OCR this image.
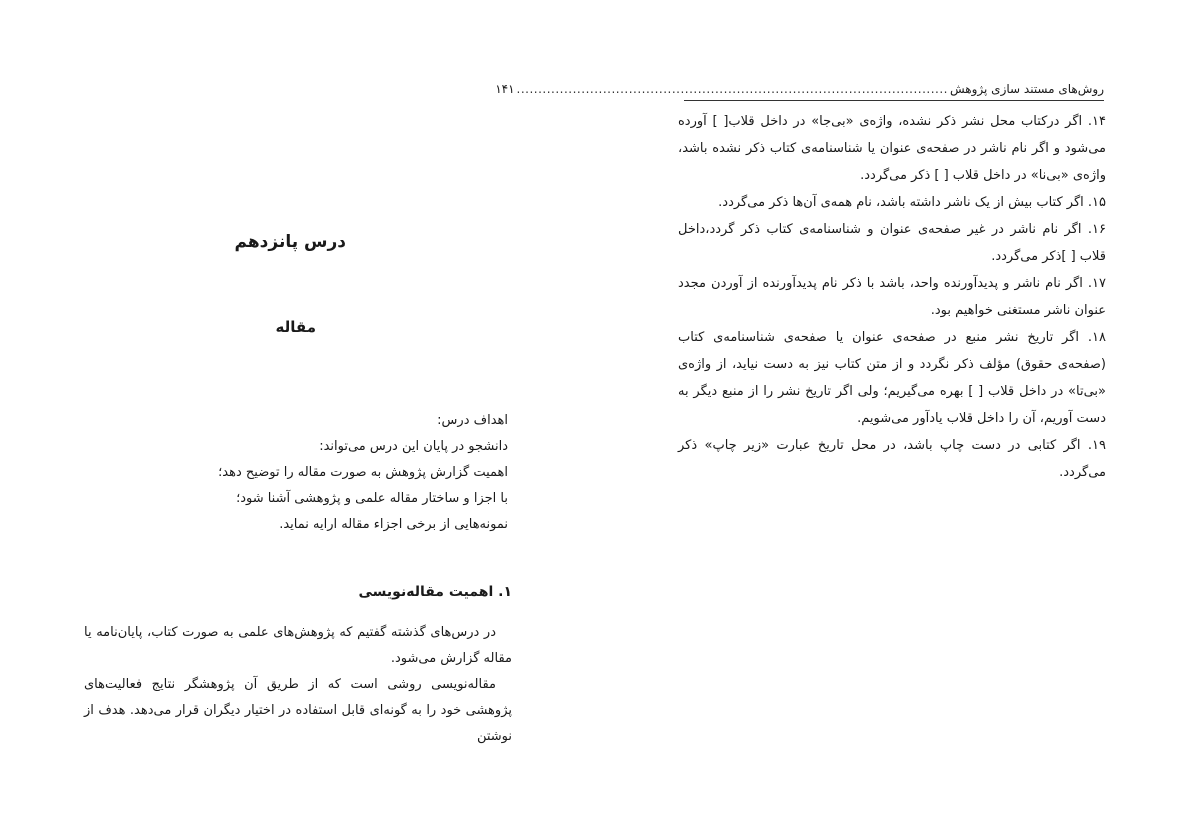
روش‌های مستند سازی پژوهش
....................................................................................................
۱۴۱

۱۴. اگر درکتاب محل نشر ذکر نشده، واژه‌ی «بی‌جا» در داخل قلاب[ ] آورده می‌شود و اگر نام ناشر در صفحه‌ی عنوان یا شناسنامه‌ی کتاب ذکر نشده باشد، واژه‌ی «بی‌نا» در داخل قلاب [ ] ذکر می‌گردد.

۱۵. اگر کتاب بیش از یک ناشر داشته باشد، نام همه‌ی آن‌ها ذکر می‌گردد.

۱۶. اگر نام ناشر در غیر صفحه‌ی عنوان و شناسنامه‌ی کتاب ذکر گردد،داخل قلاب [ ]ذکر می‌گردد.

۱۷. اگر نام ناشر و پدیدآورنده واحد، باشد با ذکر نام پدیدآورنده از آوردن مجدد عنوان ناشر مستغنی خواهیم بود.

۱۸. اگر تاریخ نشر منبع در صفحه‌ی عنوان یا صفحه‌ی شناسنامه‌ی کتاب (صفحه‌ی حقوق) مؤلف ذکر نگردد و از متن کتاب نیز به دست نیاید، از واژه‌ی «بی‌تا» در داخل قلاب [ ] بهره می‌گیریم؛ ولی اگر تاریخ نشر را از منبع دیگر به دست آوریم، آن را داخل قلاب یادآور می‌شویم.

۱۹. اگر کتابی در دست چاپ باشد، در محل تاریخ عبارت «زیر چاپ» ذکر می‌گردد.

درس پانزدهم
مقاله
اهداف درس:
دانشجو در پایان این درس می‌تواند:
اهمیت گزارش پژوهش به صورت مقاله را توضیح دهد؛
با اجزا و ساختار مقاله علمی و پژوهشی آشنا شود؛
نمونه‌هایی از برخی اجزاء مقاله ارایه نماید.
۱. اهمیت مقاله‌نویسی

در درس‌های گذشته گفتیم که پژوهش‌های علمی به صورت کتاب، پایان‌نامه یا مقاله گزارش می‌شود.

مقاله‌نویسی روشی است که از طریق آن پژوهشگر نتایج فعالیت‌های پژوهشی خود را به گونه‌ای قابل استفاده در اختیار دیگران قرار می‌دهد. هدف از نوشتن
